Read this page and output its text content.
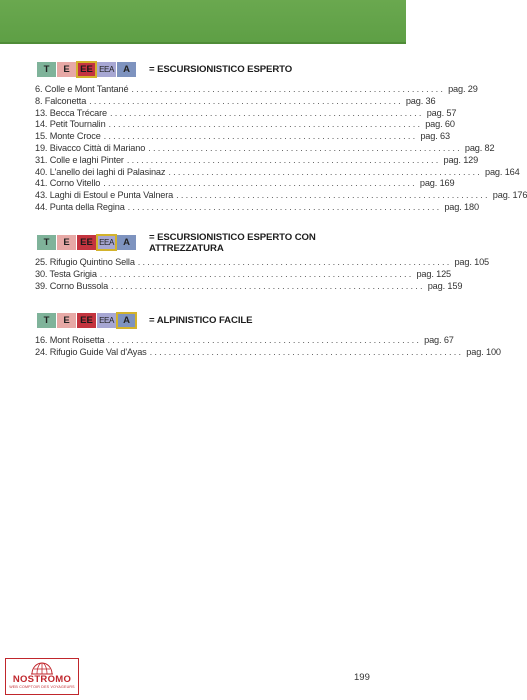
T	E	EE EEA A	= ESCURSIONISTICO ESPERTO
6. Colle e Mont Tantané .................................................................. pag. 29
8. Falconetta .................................................................. pag. 36
13. Becca Trécare .................................................................. pag. 57
14. Petit Tournalin .................................................................. pag. 60
15. Monte Croce .................................................................. pag. 63
19. Bivacco Città di Mariano .................................................................. pag. 82
31. Colle e laghi Pinter .................................................................. pag. 129
40. L'anello dei laghi di Palasinaz .................................................................. pag. 164
41. Corno Vitello .................................................................. pag. 169
43. Laghi di Estoul e Punta Valnera .................................................................. pag. 176
44. Punta della Regina .................................................................. pag. 180
T	E	EE EEA A	= ESCURSIONISTICO ESPERTO CON ATTREZZATURA
25. Rifugio Quintino Sella .................................................................. pag. 105
30. Testa Grigia .................................................................. pag. 125
39. Corno Bussola .................................................................. pag. 159
T	E	EE EEA A	= ALPINISTICO FACILE
16. Mont Roisetta .................................................................. pag. 67
24. Rifugio Guide Val d'Ayas .................................................................. pag. 100
NOSTROMO
WEB COMPTOIR DES VOYAGEURS
199
